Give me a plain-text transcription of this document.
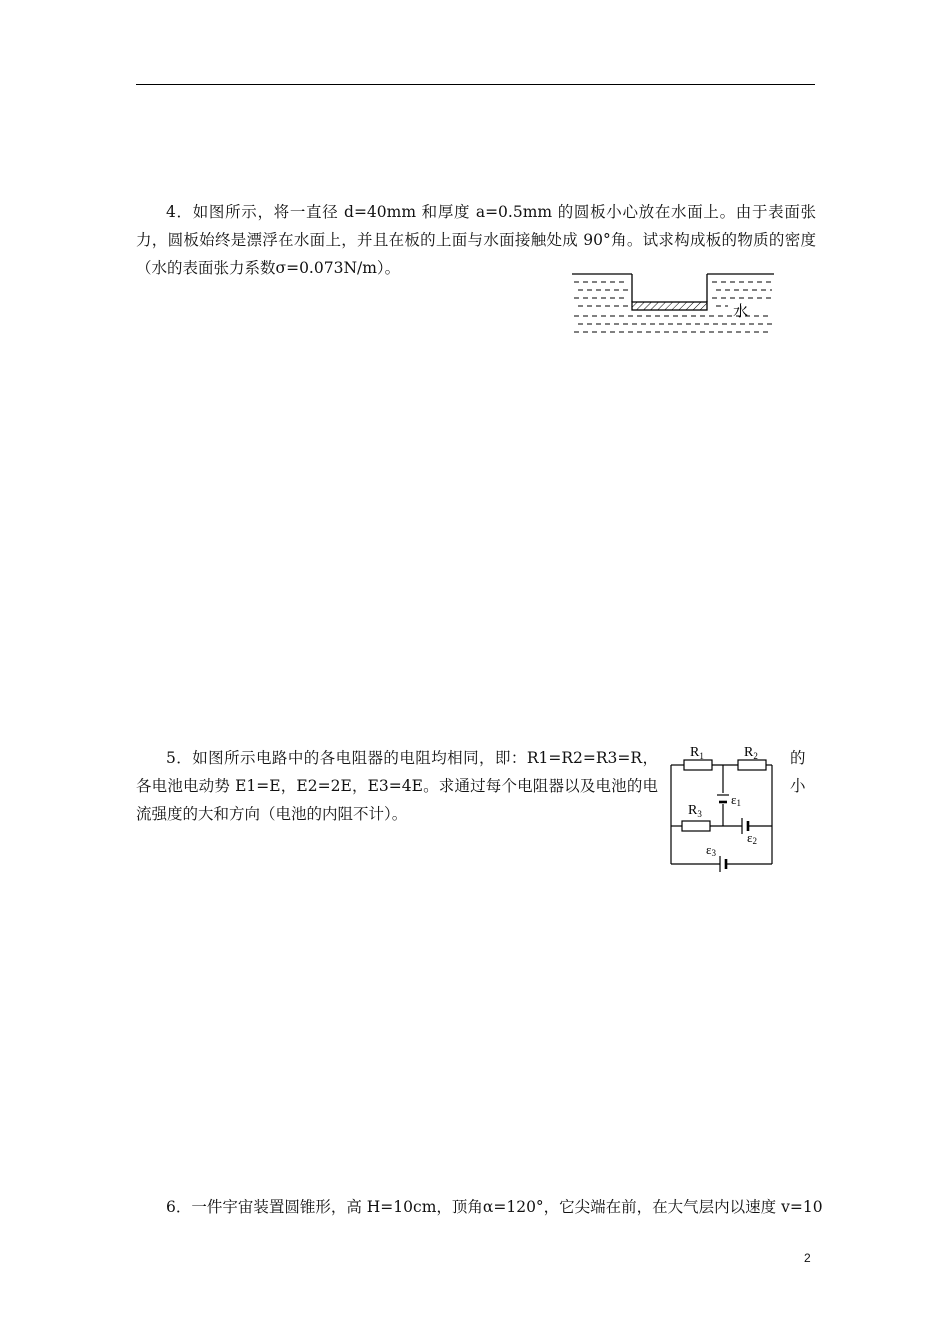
4．如图所示，将一直径 d=40mm 和厚度 a=0.5mm 的圆板小心放在水面上。由于表面张力，圆板始终是漂浮在水面上，并且在板的上面与水面接触处成 90°角。试求构成板的物质的密度（水的表面张力系数σ=0.073N/m）。

水

5．如图所示电路中的各电阻器的电阻均相同，即：R1=R2=R3=R，各电池电动势 E1=E，E2=2E，E3=4E。求通过每个电阻器以及电池的电流强度的大和方向（电池的内阻不计）。

的
小
$R_1$	$R_2$
$R_3$
ε1
ε2
ε3

6．一件宇宙装置圆锥形，高 H=10cm，顶角α=120°，它尖端在前，在大气层内以速度 v=10

2
